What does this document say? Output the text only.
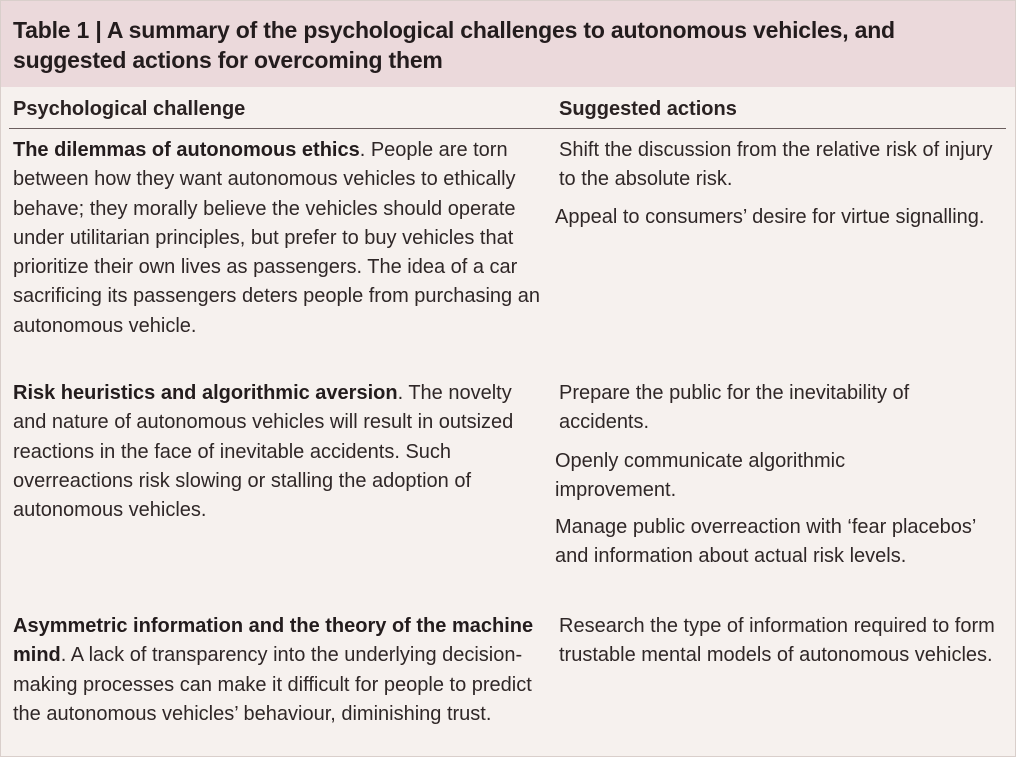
Table 1 | A summary of the psychological challenges to autonomous vehicles, and suggested actions for overcoming them
Psychological challenge	Suggested actions
The dilemmas of autonomous ethics. People are torn between how they want autonomous vehicles to ethically behave; they morally believe the vehicles should operate under utilitarian principles, but prefer to buy vehicles that prioritize their own lives as passengers. The idea of a car sacrificing its passengers deters people from purchasing an autonomous vehicle.
Shift the discussion from the relative risk of injury to the absolute risk.
Appeal to consumers’ desire for virtue signalling.
Risk heuristics and algorithmic aversion. The novelty and nature of autonomous vehicles will result in outsized reactions in the face of inevitable accidents. Such overreactions risk slowing or stalling the adoption of autonomous vehicles.
Prepare the public for the inevitability of accidents.
Openly communicate algorithmic improvement.
Manage public overreaction with ‘fear placebos’ and information about actual risk levels.
Asymmetric information and the theory of the machine mind. A lack of transparency into the underlying decision-making processes can make it difficult for people to predict the autonomous vehicles’ behaviour, diminishing trust.
Research the type of information required to form trustable mental models of autonomous vehicles.
